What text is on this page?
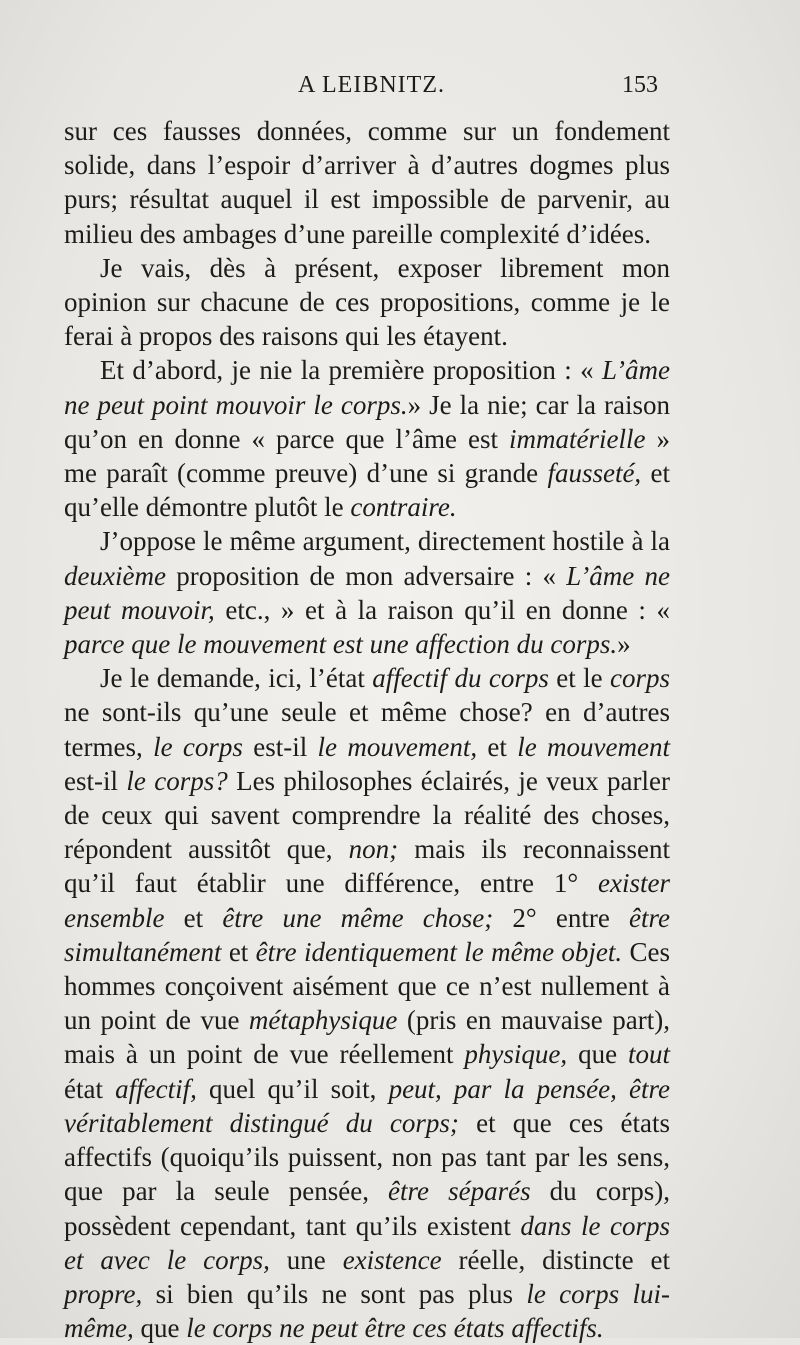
A LEIBNITZ.	153

sur ces fausses données, comme sur un fondement solide, dans l’espoir d’arriver à d’autres dogmes plus purs; résultat auquel il est impossible de parvenir, au milieu des ambages d’une pareille complexité d’idées.

Je vais, dès à présent, exposer librement mon opinion sur chacune de ces propositions, comme je le ferai à propos des raisons qui les étayent.

Et d’abord, je nie la première proposition : « L’âme ne peut point mouvoir le corps.» Je la nie; car la raison qu’on en donne « parce que l’âme est immatérielle » me paraît (comme preuve) d’une si grande fausseté, et qu’elle démontre plutôt le contraire.

J’oppose le même argument, directement hostile à la deuxième proposition de mon adversaire : « L’âme ne peut mouvoir, etc., » et à la raison qu’il en donne : « parce que le mouvement est une affection du corps.»

Je le demande, ici, l’état affectif du corps et le corps ne sont-ils qu’une seule et même chose? en d’autres termes, le corps est-il le mouvement, et le mouvement est-il le corps? Les philosophes éclairés, je veux parler de ceux qui savent comprendre la réalité des choses, répondent aussitôt que, non; mais ils reconnaissent qu’il faut établir une différence, entre 1° exister ensemble et être une même chose; 2° entre être simultanément et être identiquement le même objet. Ces hommes conçoivent aisément que ce n’est nullement à un point de vue métaphysique (pris en mauvaise part), mais à un point de vue réellement physique, que tout état affectif, quel qu’il soit, peut, par la pensée, être véritablement distingué du corps; et que ces états affectifs (quoiqu’ils puissent, non pas tant par les sens, que par la seule pensée, être séparés du corps), possèdent cependant, tant qu’ils existent dans le corps et avec le corps, une existence réelle, distincte et propre, si bien qu’ils ne sont pas plus le corps lui-même, que le corps ne peut être ces états affectifs.
